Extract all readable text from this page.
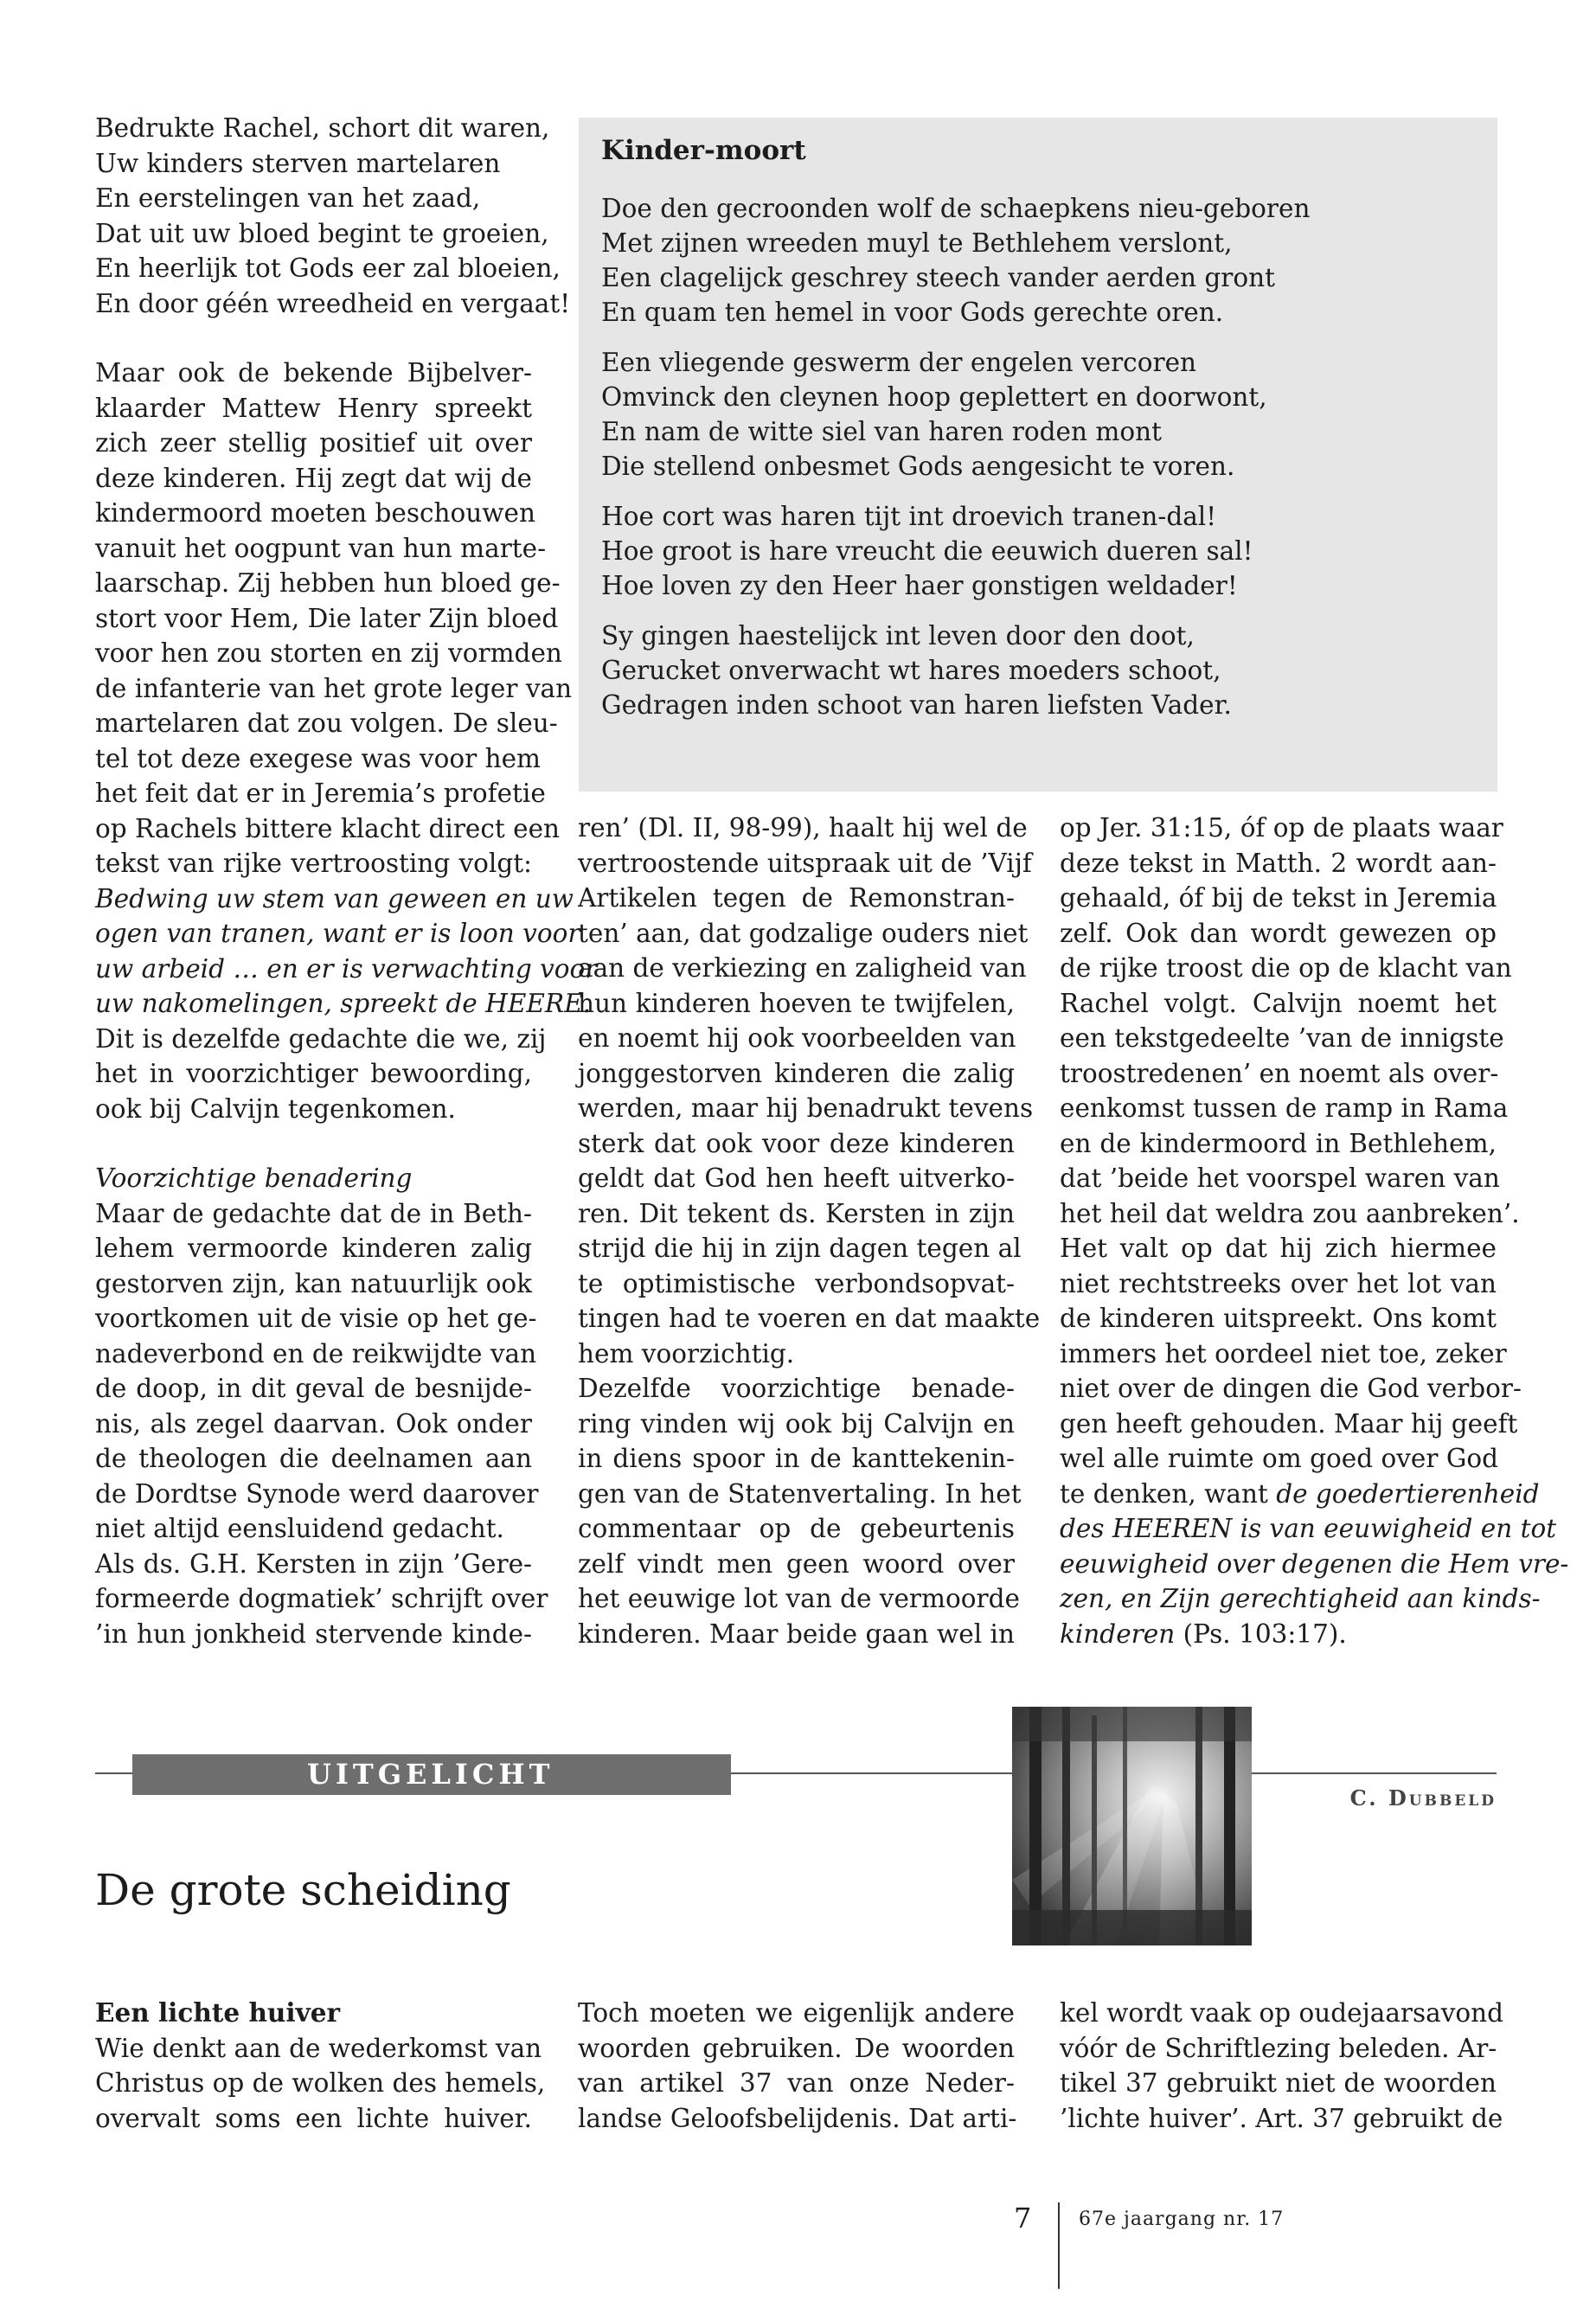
Bedrukte Rachel, schort dit waren,
Uw kinders sterven martelaren
En eerstelingen van het zaad,
Dat uit uw bloed begint te groeien,
En heerlijk tot Gods eer zal bloeien,
En door géén wreedheid en vergaat!
Maar ook de bekende Bijbelver-
klaarder Mattew Henry spreekt
zich zeer stellig positief uit over
deze kinderen. Hij zegt dat wij de
kindermoord moeten beschouwen
vanuit het oogpunt van hun marte-
laarschap. Zij hebben hun bloed ge-
stort voor Hem, Die later Zijn bloed
voor hen zou storten en zij vormden
de infanterie van het grote leger van
martelaren dat zou volgen. De sleu-
tel tot deze exegese was voor hem
het feit dat er in Jeremia’s profetie
op Rachels bittere klacht direct een
tekst van rijke vertroosting volgt:
Bedwing uw stem van geween en uw
ogen van tranen, want er is loon voor
uw arbeid … en er is verwachting voor
uw nakomelingen, spreekt de HEERE.
Dit is dezelfde gedachte die we, zij
het in voorzichtiger bewoording,
ook bij Calvijn tegenkomen.
Voorzichtige benadering
Maar de gedachte dat de in Beth-
lehem vermoorde kinderen zalig
gestorven zijn, kan natuurlijk ook
voortkomen uit de visie op het ge-
nadeverbond en de reikwijdte van
de doop, in dit geval de besnijde-
nis, als zegel daarvan. Ook onder
de theologen die deelnamen aan
de Dordtse Synode werd daarover
niet altijd eensluidend gedacht.
Als ds. G.H. Kersten in zijn ’Gere-
formeerde dogmatiek’ schrijft over
’in hun jonkheid stervende kinde-
Kinder-moort
Doe den gecroonden wolf de schaepkens nieu-geboren
Met zijnen wreeden muyl te Bethlehem verslont,
Een clagelijck geschrey steech vander aerden gront
En quam ten hemel in voor Gods gerechte oren.
Een vliegende geswerm der engelen vercoren
Omvinck den cleynen hoop geplettert en doorwont,
En nam de witte siel van haren roden mont
Die stellend onbesmet Gods aengesicht te voren.
Hoe cort was haren tijt int droevich tranen-dal!
Hoe groot is hare vreucht die eeuwich dueren sal!
Hoe loven zy den Heer haer gonstigen weldader!
Sy gingen haestelijck int leven door den doot,
Gerucket onverwacht wt hares moeders schoot,
Gedragen inden schoot van haren liefsten Vader.
ren’ (Dl. II, 98-99), haalt hij wel de
vertroostende uitspraak uit de ’Vijf
Artikelen tegen de Remonstran-
ten’ aan, dat godzalige ouders niet
aan de verkiezing en zaligheid van
hun kinderen hoeven te twijfelen,
en noemt hij ook voorbeelden van
jonggestorven kinderen die zalig
werden, maar hij benadrukt tevens
sterk dat ook voor deze kinderen
geldt dat God hen heeft uitverko-
ren. Dit tekent ds. Kersten in zijn
strijd die hij in zijn dagen tegen al
te optimistische verbondsopvat-
tingen had te voeren en dat maakte
hem voorzichtig.
Dezelfde voorzichtige benade-
ring vinden wij ook bij Calvijn en
in diens spoor in de kanttekenin-
gen van de Statenvertaling. In het
commentaar op de gebeurtenis
zelf vindt men geen woord over
het eeuwige lot van de vermoorde
kinderen. Maar beide gaan wel in
op Jer. 31:15, óf op de plaats waar
deze tekst in Matth. 2 wordt aan-
gehaald, óf bij de tekst in Jeremia
zelf. Ook dan wordt gewezen op
de rijke troost die op de klacht van
Rachel volgt. Calvijn noemt het
een tekstgedeelte ’van de innigste
troostredenen’ en noemt als over-
eenkomst tussen de ramp in Rama
en de kindermoord in Bethlehem,
dat ’beide het voorspel waren van
het heil dat weldra zou aanbreken’.
Het valt op dat hij zich hiermee
niet rechtstreeks over het lot van
de kinderen uitspreekt. Ons komt
immers het oordeel niet toe, zeker
niet over de dingen die God verbor-
gen heeft gehouden. Maar hij geeft
wel alle ruimte om goed over God
te denken, want de goedertierenheid
des HEEREN is van eeuwigheid en tot
eeuwigheid over degenen die Hem vre-
zen, en Zijn gerechtigheid aan kinds-
kinderen (Ps. 103:17).
UITGELICHT
C. Dubbeld
De grote scheiding
Een lichte huiver
Wie denkt aan de wederkomst van
Christus op de wolken des hemels,
overvalt soms een lichte huiver.
Toch moeten we eigenlijk andere
woorden gebruiken. De woorden
van artikel 37 van onze Neder-
landse Geloofsbelijdenis. Dat arti-
kel wordt vaak op oudejaarsavond
vóór de Schriftlezing beleden. Ar-
tikel 37 gebruikt niet de woorden
’lichte huiver’. Art. 37 gebruikt de
7 67e jaargang nr. 17
